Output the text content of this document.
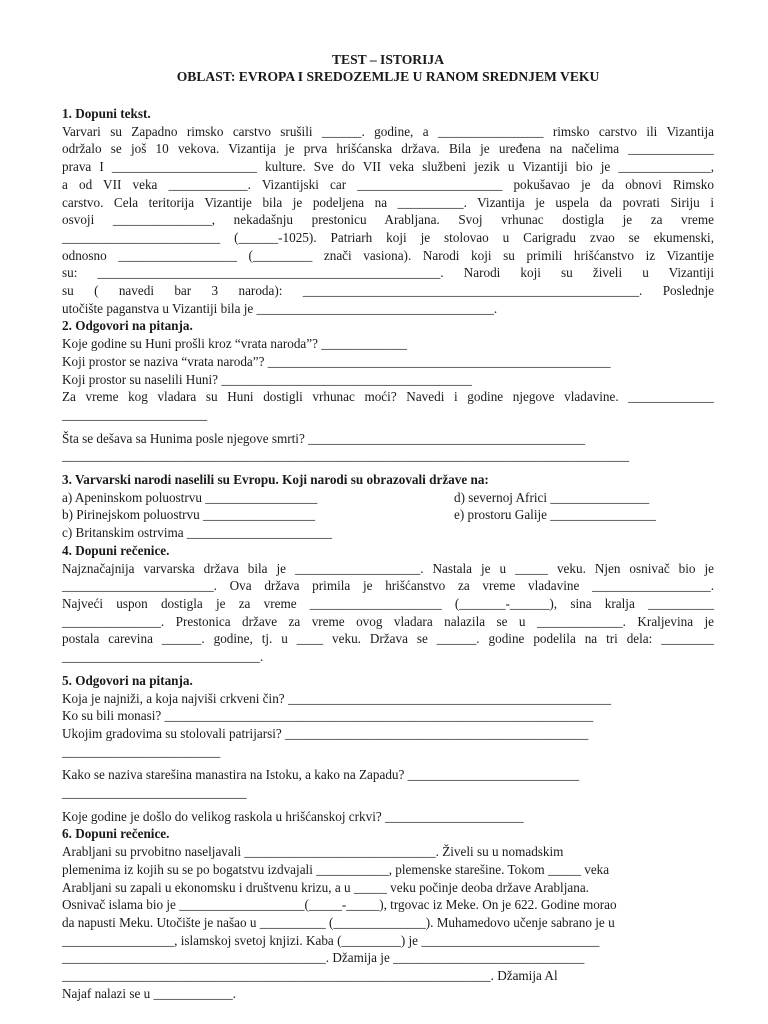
TEST – ISTORIJA
OBLAST: EVROPA I SREDOZEMLJE U RANOM SREDNJEM VEKU
1. Dopuni tekst.
Varvari su Zapadno rimsko carstvo srušili ______. godine, a ________________ rimsko carstvo ili Vizantija
održalo se još 10 vekova. Vizantija je prva hrišćanska država. Bila je uređena na načelima _____________
prava I ______________________ kulture. Sve do VII veka službeni jezik u Vizantiji bio je ______________,
a od VII veka ____________. Vizantijski car ______________________ pokušavao je da obnovi Rimsko
carstvo. Cela teritorija Vizantije bila je podeljena na __________. Vizantija je uspela da povrati Siriju i
osvoji _______________, nekadašnju prestonicu Arabljana. Svoj vrhunac dostigla je za vreme
________________________ (______-1025). Patriarh koji je stolovao u Carigradu zvao se ekumenski,
odnosno __________________ (_________ znači vasiona). Narodi koji su primili hrišćanstvo iz Vizantije
su: ____________________________________________________. Narodi koji su živeli u Vizantiji
su ( navedi bar 3 naroda): ___________________________________________________. Poslednje
utočište paganstva u Vizantiji bila je ____________________________________.
2. Odgovori na pitanja.
Koje godine su Huni prošli kroz “vrata naroda”? _____________
Koji prostor se naziva “vrata naroda”? ____________________________________________________
Koji prostor su naselili Huni? ______________________________________
Za vreme kog vladara su Huni dostigli vrhunac moći? Navedi i godine njegove vladavine. _____________
______________________
Šta se dešava sa Hunima posle njegove smrti? __________________________________________
______________________________________________________________________________________
3. Varvarski narodi naselili su Evropu. Koji narodi su obrazovali države na:
a) Apeninskom poluostrvu _________________
b) Pirinejskom poluostrvu _________________
c) Britanskim ostrvima ______________________
d) severnoj Africi _______________
e) prostoru Galije ________________
4. Dopuni rečenice.
Najznačajnija varvarska država bila je ___________________. Nastala je u _____ veku. Njen osnivač bio je
_______________________. Ova država primila je hrišćanstvo za vreme vladavine __________________.
Najveći uspon dostigla je za vreme ____________________ (_______-______), sina kralja __________
_______________. Prestonica države za vreme ovog vladara nalazila se u _____________. Kraljevina je
postala carevina ______. godine, tj. u ____ veku. Država se ______. godine podelila na tri dela: ________
______________________________.
5. Odgovori na pitanja.
Koja je najniži, a koja najviši crkveni čin? _________________________________________________
Ko su bili monasi? _________________________________________________________________
Ukojim gradovima su stolovali patrijarsi? ______________________________________________
________________________
Kako se naziva starešina manastira na Istoku, a kako na Zapadu? __________________________
____________________________
Koje godine je došlo do velikog raskola u hrišćanskoj crkvi? _____________________
6. Dopuni rečenice.
Arabljani su prvobitno naseljavali _____________________________. Živeli su u nomadskim
plemenima iz kojih su se po bogatstvu izdvajali ___________, plemenske starešine. Tokom _____ veka
Arabljani su zapali u ekonomsku i društvenu krizu, a u _____ veku počinje deoba države Arabljana.
Osnivač islama bio je ___________________(_____-_____), trgovac iz Meke. On je 622. Godine morao
da napusti Meku. Utočište je našao u __________ (______________). Muhamedovo učenje sabrano je u
_________________, islamskoj svetoj knjizi. Kaba (_________) je ___________________________
________________________________________. Džamija je _____________________________
_________________________________________________________________. Džamija Al
Najaf nalazi se u ____________.
